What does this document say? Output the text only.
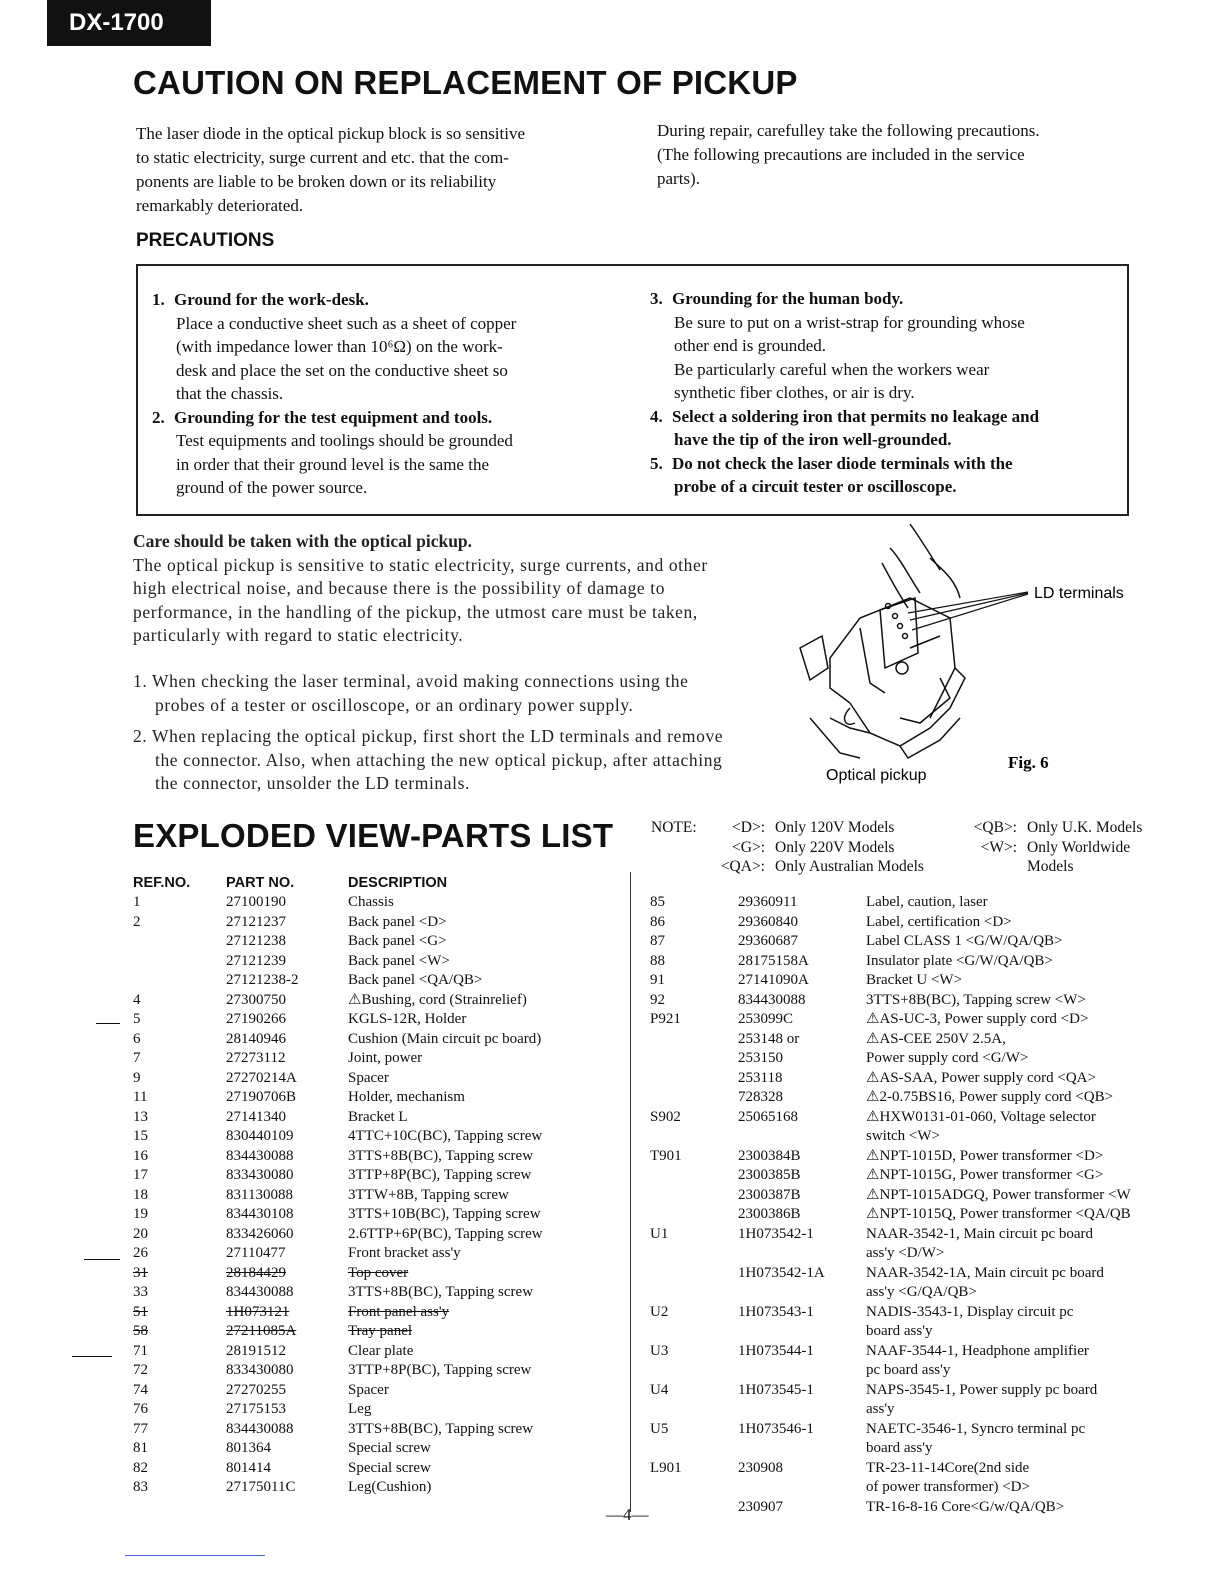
DX-1700
CAUTION ON REPLACEMENT OF PICKUP
The laser diode in the optical pickup block is so sensitive
to static electricity, surge current and etc. that the com-
ponents are liable to be broken down or its reliability
remarkably deteriorated.
During repair, carefulley take the following precautions.
(The following precautions are included in the service
parts).
PRECAUTIONS
1. Ground for the work-desk.
Place a conductive sheet such as a sheet of copper
(with impedance lower than 10⁶Ω) on the work-
desk and place the set on the conductive sheet so
that the chassis.
2. Grounding for the test equipment and tools.
Test equipments and toolings should be grounded
in order that their ground level is the same the
ground of the power source.
3. Grounding for the human body.
Be sure to put on a wrist-strap for grounding whose
other end is grounded.
Be particularly careful when the workers wear
synthetic fiber clothes, or air is dry.
4. Select a soldering iron that permits no leakage and
have the tip of the iron well-grounded.
5. Do not check the laser diode terminals with the
probe of a circuit tester or oscilloscope.
Care should be taken with the optical pickup.
The optical pickup is sensitive to static electricity, surge currents, and other
high electrical noise, and because there is the possibility of damage to
performance, in the handling of the pickup, the utmost care must be taken,
particularly with regard to static electricity.
1. When checking the laser terminal, avoid making connections using the
probes of a tester or oscilloscope, or an ordinary power supply.
2. When replacing the optical pickup, first short the LD terminals and remove
the connector. Also, when attaching the new optical pickup, after attaching
the connector, unsolder the LD terminals.
LD terminals
Optical pickup
Fig. 6
EXPLODED VIEW-PARTS LIST NOTE:	<D>:	Only 120V Models	<QB>:	Only U.K. Models
	<G>:	Only 220V Models	<W>:	Only Worldwide
	<QA>:	Only Australian Models		Models
REF.NO.	PART NO.	DESCRIPTION
1	27100190	Chassis
2	27121237	Back panel <D>
	27121238	Back panel <G>
	27121239	Back panel <W>
	27121238-2	Back panel <QA/QB>
4	27300750	⚠Bushing, cord (Strainrelief)
5	27190266	KGLS-12R, Holder
6	28140946	Cushion (Main circuit pc board)
7	27273112	Joint, power
9	27270214A	Spacer
11	27190706B	Holder, mechanism
13	27141340	Bracket L
15	830440109	4TTC+10C(BC), Tapping screw
16	834430088	3TTS+8B(BC), Tapping screw
17	833430080	3TTP+8P(BC), Tapping screw
18	831130088	3TTW+8B, Tapping screw
19	834430108	3TTS+10B(BC), Tapping screw
20	833426060	2.6TTP+6P(BC), Tapping screw
26	27110477	Front bracket ass'y
31	28184429	Top cover
33	834430088	3TTS+8B(BC), Tapping screw
51	1H073121	Front panel ass'y
58	27211085A	Tray panel
71	28191512	Clear plate
72	833430080	3TTP+8P(BC), Tapping screw
74	27270255	Spacer
76	27175153	Leg
77	834430088	3TTS+8B(BC), Tapping screw
81	801364	Special screw
82	801414	Special screw
83	27175011C	Leg(Cushion)
85	29360911	Label, caution, laser
86	29360840	Label, certification <D>
87	29360687	Label CLASS 1 <G/W/QA/QB>
88	28175158A	Insulator plate <G/W/QA/QB>
91	27141090A	Bracket U <W>
92	834430088	3TTS+8B(BC), Tapping screw <W>
P921	253099C	⚠AS-UC-3, Power supply cord <D>
	253148 or	⚠AS-CEE 250V 2.5A,
	253150	Power supply cord <G/W>
	253118	⚠AS-SAA, Power supply cord <QA>
	728328	⚠2-0.75BS16, Power supply cord <QB>
S902	25065168	⚠HXW0131-01-060, Voltage selector
		switch <W>
T901	2300384B	⚠NPT-1015D, Power transformer <D>
	2300385B	⚠NPT-1015G, Power transformer <G>
	2300387B	⚠NPT-1015ADGQ, Power transformer <W
	2300386B	⚠NPT-1015Q, Power transformer <QA/QB
U1	1H073542-1	NAAR-3542-1, Main circuit pc board
		ass'y <D/W>
	1H073542-1A	NAAR-3542-1A, Main circuit pc board
		ass'y <G/QA/QB>
U2	1H073543-1	NADIS-3543-1, Display circuit pc
		board ass'y
U3	1H073544-1	NAAF-3544-1, Headphone amplifier
		pc board ass'y
U4	1H073545-1	NAPS-3545-1, Power supply pc board
		ass'y
U5	1H073546-1	NAETC-3546-1, Syncro terminal pc
		board ass'y
L901	230908	TR-23-11-14Core(2nd side
		of power transformer) <D>
	230907	TR-16-8-16 Core<G/w/QA/QB>
—4—
